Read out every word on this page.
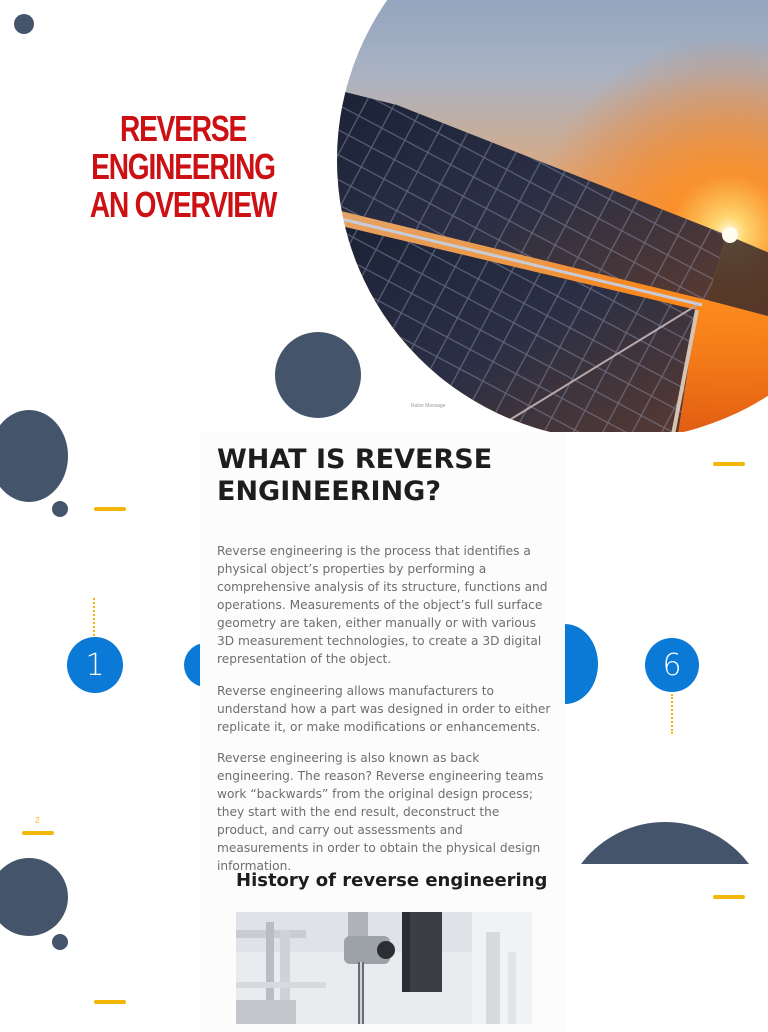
REVERSE ENGINEERING
AN OVERVIEW
Ralze Message
1	6
2
WHAT IS REVERSE
ENGINEERING?

Reverse engineering is the process that identifies a physical object’s properties by performing a comprehensive analysis of its structure, functions and operations. Measurements of the object’s full surface geometry are taken, either manually or with various 3D measurement technologies, to create a 3D digital representation of the object.

Reverse engineering allows manufacturers to understand how a part was designed in order to either replicate it, or make modifications or enhancements.

Reverse engineering is also known as back engineering. The reason? Reverse engineering teams work “backwards” from the original design process; they start with the end result, deconstruct the product, and carry out assessments and measurements in order to obtain the physical design information.

History of reverse engineering
